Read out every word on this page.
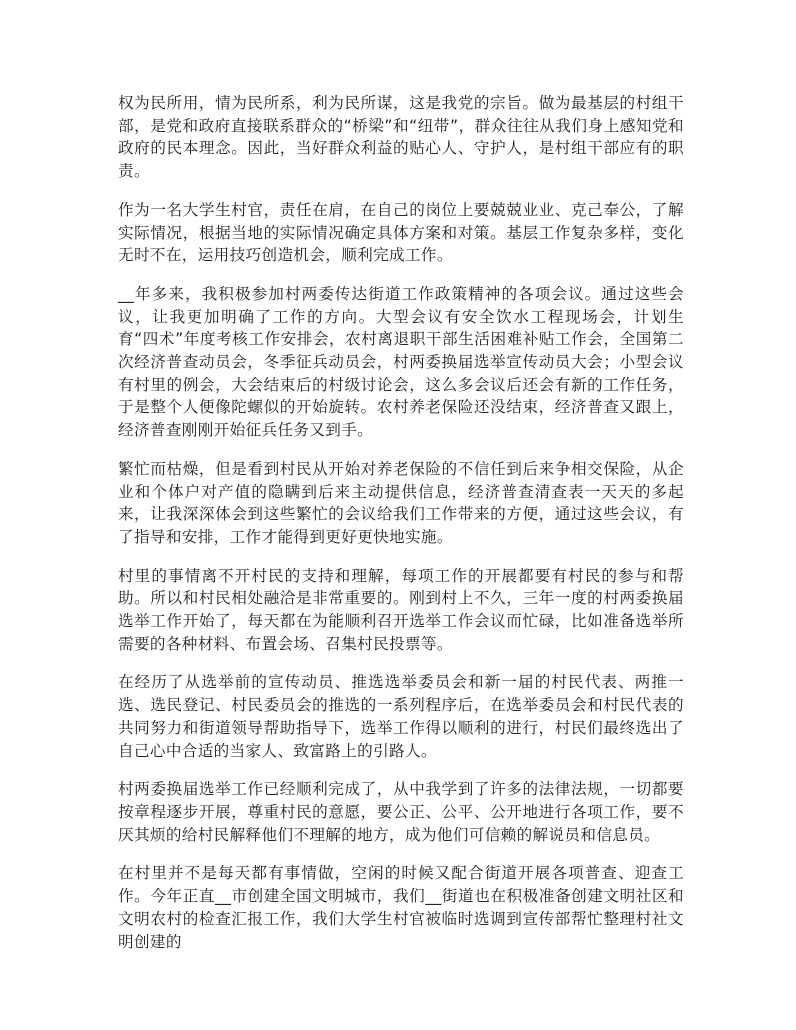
权为民所用，情为民所系，利为民所谋，这是我党的宗旨。做为最基层的村组干部，是党和政府直接联系群众的“桥梁”和“纽带”，群众往往从我们身上感知党和政府的民本理念。因此，当好群众利益的贴心人、守护人，是村组干部应有的职责。

作为一名大学生村官，责任在肩，在自己的岗位上要兢兢业业、克己奉公，了解实际情况，根据当地的实际情况确定具体方案和对策。基层工作复杂多样，变化无时不在，运用技巧创造机会，顺利完成工作。

__年多来，我积极参加村两委传达街道工作政策精神的各项会议。通过这些会议，让我更加明确了工作的方向。大型会议有安全饮水工程现场会，计划生育“四术”年度考核工作安排会，农村离退职干部生活困难补贴工作会，全国第二次经济普查动员会，冬季征兵动员会，村两委换届选举宣传动员大会；小型会议有村里的例会，大会结束后的村级讨论会，这么多会议后还会有新的工作任务，于是整个人便像陀螺似的开始旋转。农村养老保险还没结束，经济普查又跟上，经济普查刚刚开始征兵任务又到手。

繁忙而枯燥，但是看到村民从开始对养老保险的不信任到后来争相交保险，从企业和个体户对产值的隐瞒到后来主动提供信息，经济普查清查表一天天的多起来，让我深深体会到这些繁忙的会议给我们工作带来的方便，通过这些会议，有了指导和安排，工作才能得到更好更快地实施。

村里的事情离不开村民的支持和理解，每项工作的开展都要有村民的参与和帮助。所以和村民相处融洽是非常重要的。刚到村上不久，三年一度的村两委换届选举工作开始了，每天都在为能顺利召开选举工作会议而忙碌，比如准备选举所需要的各种材料、布置会场、召集村民投票等。

在经历了从选举前的宣传动员、推选选举委员会和新一届的村民代表、两推一选、选民登记、村民委员会的推选的一系列程序后，在选举委员会和村民代表的共同努力和街道领导帮助指导下，选举工作得以顺利的进行，村民们最终选出了自己心中合适的当家人、致富路上的引路人。

村两委换届选举工作已经顺利完成了，从中我学到了许多的法律法规，一切都要按章程逐步开展，尊重村民的意愿，要公正、公平、公开地进行各项工作，要不厌其烦的给村民解释他们不理解的地方，成为他们可信赖的解说员和信息员。

在村里并不是每天都有事情做，空闲的时候又配合街道开展各项普查、迎查工作。今年正直__市创建全国文明城市，我们__街道也在积极准备创建文明社区和文明农村的检查汇报工作，我们大学生村官被临时选调到宣传部帮忙整理村社文明创建的
